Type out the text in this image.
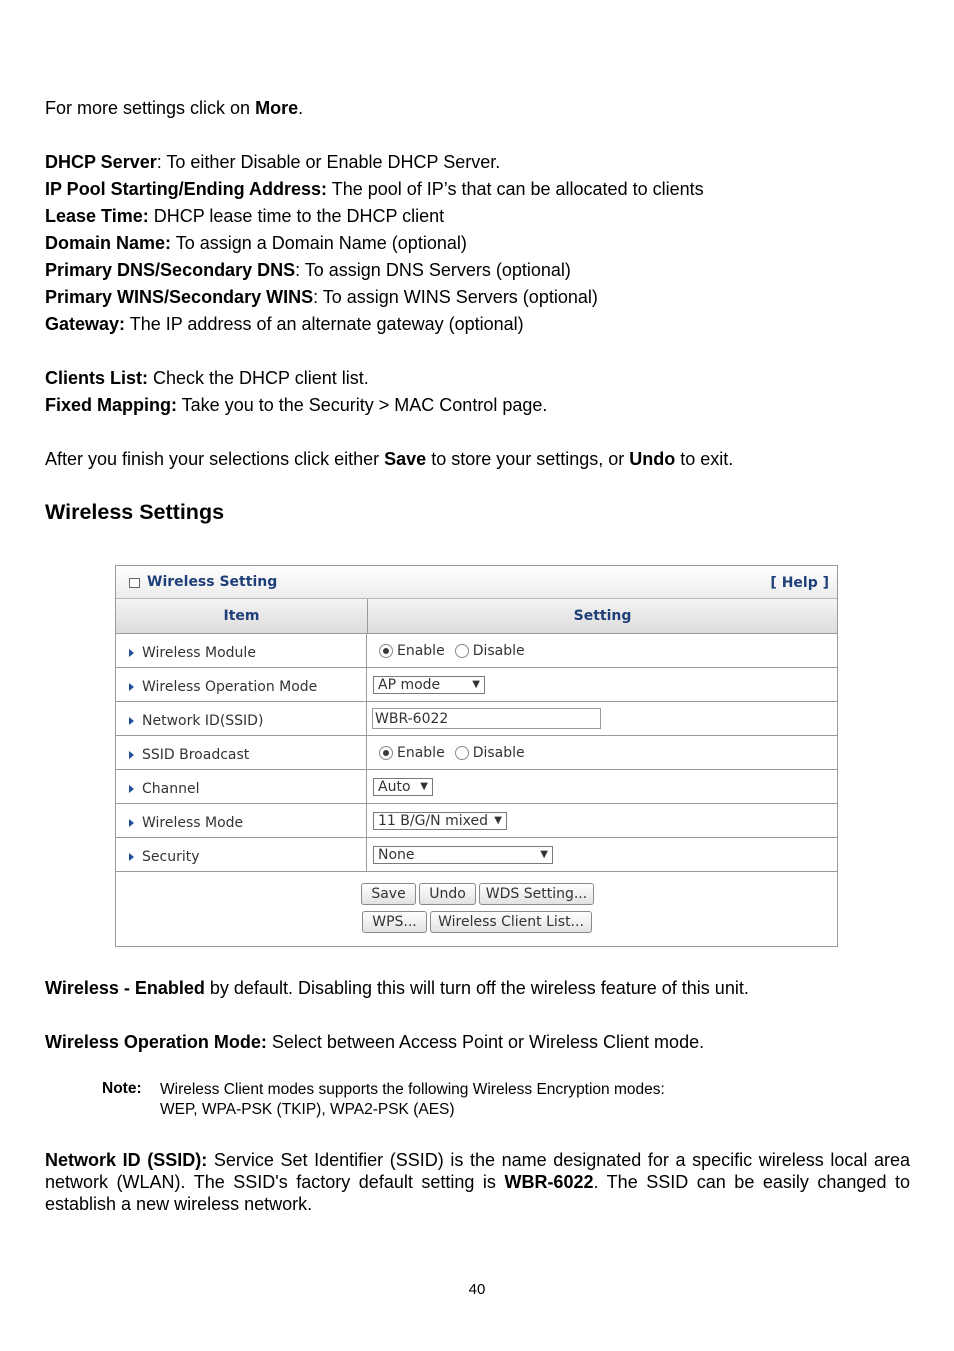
For more settings click on More.

DHCP Server: To either Disable or Enable DHCP Server.
IP Pool Starting/Ending Address: The pool of IP’s that can be allocated to clients
Lease Time: DHCP lease time to the DHCP client
Domain Name: To assign a Domain Name (optional)
Primary DNS/Secondary DNS: To assign DNS Servers (optional)
Primary WINS/Secondary WINS: To assign WINS Servers (optional)
Gateway: The IP address of an alternate gateway (optional)
Clients List: Check the DHCP client list.
Fixed Mapping: Take you to the Security > MAC Control page.

After you finish your selections click either Save to store your settings, or Undo to exit.

Wireless Settings
Wireless Setting	[ Help ]
Item	Setting
Wireless Module	Enable Disable
Wireless Operation Mode	AP mode	▼
Network ID(SSID)	WBR-6022
SSID Broadcast	Enable Disable
Channel	Auto ▼
Wireless Mode	11 B/G/N mixed ▼
Security	None	▼
Save	Undo	WDS Setting...
WPS...	Wireless Client List...

Wireless - Enabled by default. Disabling this will turn off the wireless feature of this unit.

Wireless Operation Mode: Select between Access Point or Wireless Client mode.

Note: Wireless Client modes supports the following Wireless Encryption modes:
WEP, WPA-PSK (TKIP), WPA2-PSK (AES)

Network ID (SSID): Service Set Identifier (SSID) is the name designated for a specific wireless local area network (WLAN). The SSID's factory default setting is WBR-6022. The SSID can be easily changed to establish a new wireless network.

40
